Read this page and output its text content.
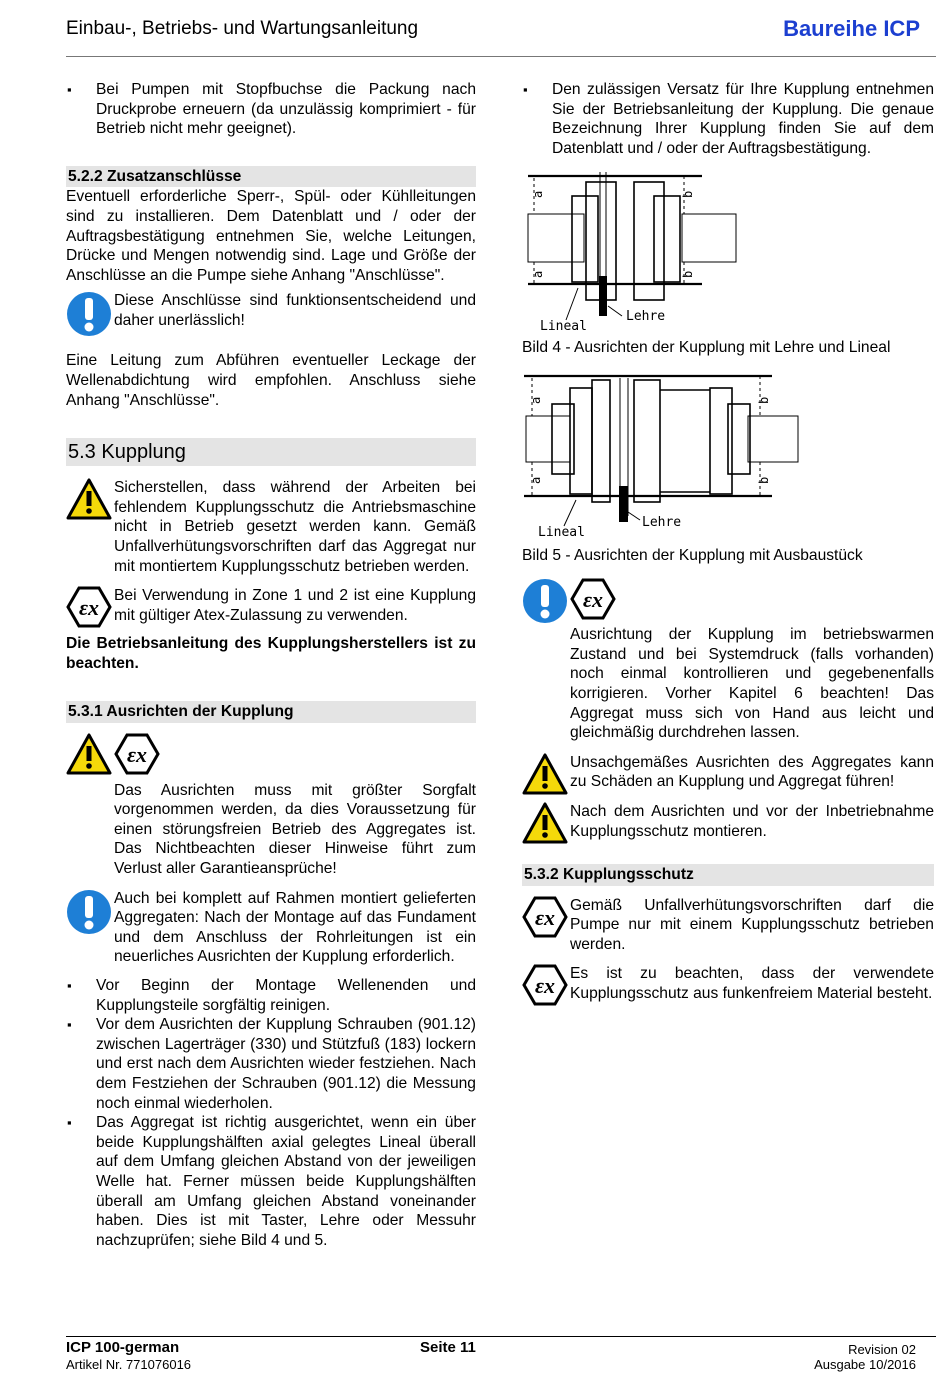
Einbau-, Betriebs- und Wartungsanleitung	Baureihe ICP

▪ Bei Pumpen mit Stopfbuchse die Packung nach Druckprobe erneuern (da unzulässig komprimiert - für Betrieb nicht mehr geeignet).

5.2.2 Zusatzanschlüsse

Eventuell erforderliche Sperr-, Spül- oder Kühlleitungen sind zu installieren. Dem Datenblatt und / oder der Auftragsbestätigung entnehmen Sie, welche Leitungen, Drücke und Mengen notwendig sind. Lage und Größe der Anschlüsse an die Pumpe siehe Anhang "Anschlüsse".

Diese Anschlüsse sind funktionsentscheidend und daher unerlässlich!

Eine Leitung zum Abführen eventueller Leckage der Wellenabdichtung wird empfohlen. Anschluss siehe Anhang "Anschlüsse".

5.3 Kupplung

Sicherstellen, dass während der Arbeiten bei fehlendem Kupplungsschutz die Antriebsmaschine nicht in Betrieb gesetzt werden kann. Gemäß Unfallverhütungsvorschriften darf das Aggregat nur mit montiertem Kupplungsschutz betrieben werden.

εx Bei Verwendung in Zone 1 und 2 ist eine Kupplung mit gültiger Atex-Zulassung zu verwenden.

Die Betriebsanleitung des Kupplungsherstellers ist zu beachten.

5.3.1 Ausrichten der Kupplung

εx

Das Ausrichten muss mit größter Sorgfalt vorgenommen werden, da dies Voraussetzung für einen störungsfreien Betrieb des Aggregates ist. Das Nichtbeachten dieser Hinweise führt zum Verlust aller Garantieansprüche!

Auch bei komplett auf Rahmen montiert gelieferten Aggregaten: Nach der Montage auf das Fundament und dem Anschluss der Rohrleitungen ist ein neuerliches Ausrichten der Kupplung erforderlich.

▪ Vor Beginn der Montage Wellenenden und Kupplungsteile sorgfältig reinigen.

▪ Vor dem Ausrichten der Kupplung Schrauben (901.12) zwischen Lagerträger (330) und Stützfuß (183) lockern und erst nach dem Ausrichten wieder festziehen. Nach dem Festziehen der Schrauben (901.12) die Messung noch einmal wiederholen.

▪ Das Aggregat ist richtig ausgerichtet, wenn ein über beide Kupplungshälften axial gelegtes Lineal überall auf dem Umfang gleichen Abstand von der jeweiligen Welle hat. Ferner müssen beide Kupplungshälften überall am Umfang gleichen Abstand voneinander haben. Dies ist mit Taster, Lehre oder Messuhr nachzuprüfen; siehe Bild 4 und 5.

▪ Den zulässigen Versatz für Ihre Kupplung entnehmen Sie der Betriebsanleitung der Kupplung. Die genaue Bezeichnung Ihrer Kupplung finden Sie auf dem Datenblatt und / oder der Auftragsbestätigung.

a
a
b
b
Lineal
Lehre

Bild 4 - Ausrichten der Kupplung mit Lehre und Lineal

a
a
b
b
Lineal
Lehre

Bild 5 - Ausrichten der Kupplung mit Ausbaustück

εx

Ausrichtung der Kupplung im betriebswarmen Zustand und bei Systemdruck (falls vorhanden) noch einmal kontrollieren und gegebenenfalls korrigieren. Vorher Kapitel 6 beachten! Das Aggregat muss sich von Hand aus leicht und gleichmäßig durchdrehen lassen.

Unsachgemäßes Ausrichten des Aggregates kann zu Schäden an Kupplung und Aggregat führen!

Nach dem Ausrichten und vor der Inbetriebnahme Kupplungsschutz montieren.

5.3.2 Kupplungsschutz

εx Gemäß Unfallverhütungsvorschriften darf die Pumpe nur mit einem Kupplungsschutz betrieben werden.

εx Es ist zu beachten, dass der verwendete Kupplungsschutz aus funkenfreiem Material besteht.

ICP 100-german	Seite 11	Revision 02
Artikel Nr. 771076016	Ausgabe 10/2016
